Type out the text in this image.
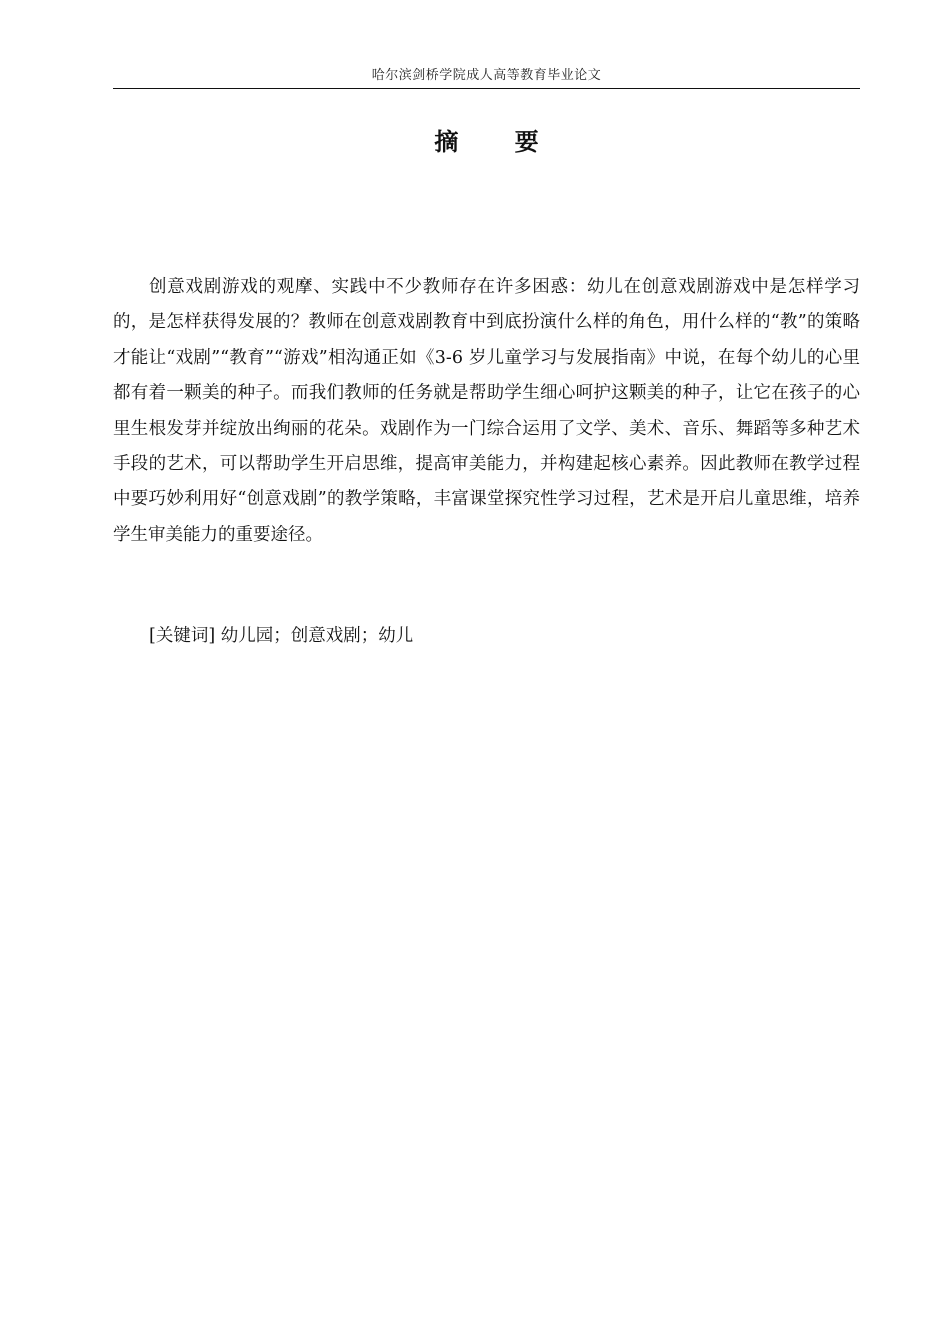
哈尔滨剑桥学院成人高等教育毕业论文
摘 要

创意戏剧游戏的观摩、实践中不少教师存在许多困惑：幼儿在创意戏剧游戏中是怎样学习的，是怎样获得发展的？教师在创意戏剧教育中到底扮演什么样的角色，用什么样的“教”的策略才能让“戏剧”“教育”“游戏”相沟通正如《3-6 岁儿童学习与发展指南》中说，在每个幼儿的心里都有着一颗美的种子。而我们教师的任务就是帮助学生细心呵护这颗美的种子，让它在孩子的心里生根发芽并绽放出绚丽的花朵。戏剧作为一门综合运用了文学、美术、音乐、舞蹈等多种艺术手段的艺术，可以帮助学生开启思维，提高审美能力，并构建起核心素养。因此教师在教学过程中要巧妙利用好“创意戏剧”的教学策略，丰富课堂探究性学习过程，艺术是开启儿童思维，培养学生审美能力的重要途径。

[关键词] 幼儿园；创意戏剧；幼儿
